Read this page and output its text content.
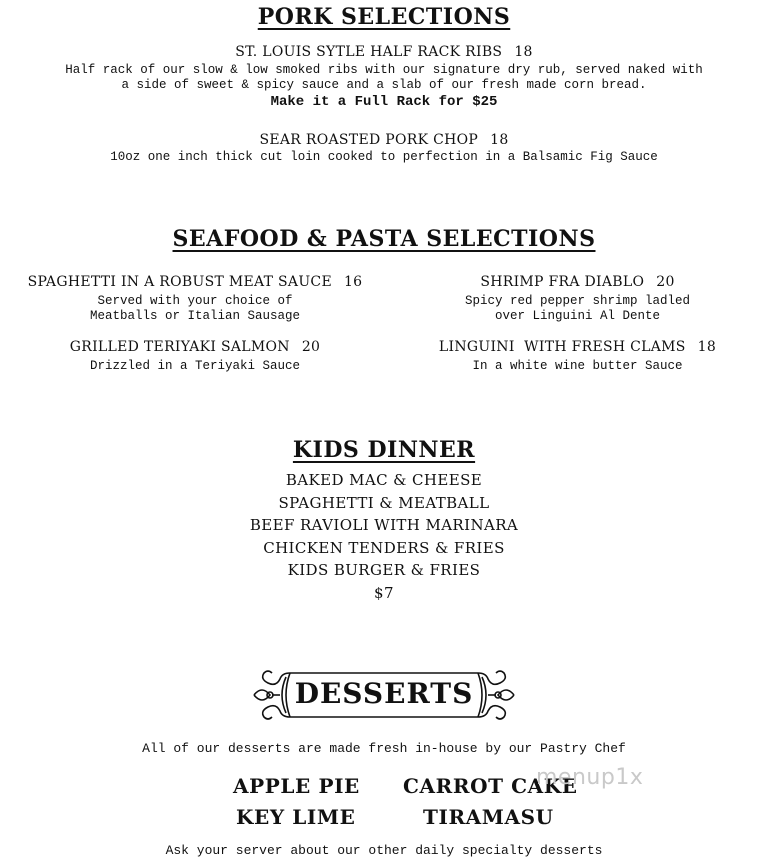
PORK SELECTIONS
ST. LOUIS SYTLE HALF RACK RIBS 18
Half rack of our slow & low smoked ribs with our signature dry rub, served naked with
a side of sweet & spicy sauce and a slab of our fresh made corn bread.
Make it a Full Rack for $25
SEAR ROASTED PORK CHOP 18
10oz one inch thick cut loin cooked to perfection in a Balsamic Fig Sauce
SEAFOOD & PASTA SELECTIONS
SPAGHETTI IN A ROBUST MEAT SAUCE 16
Served with your choice of
Meatballs or Italian Sausage
GRILLED TERIYAKI SALMON 20
Drizzled in a Teriyaki Sauce
SHRIMP FRA DIABLO 20
Spicy red pepper shrimp ladled
over Linguini Al Dente
LINGUINI  WITH FRESH CLAMS 18
In a white wine butter Sauce
KIDS DINNER
BAKED MAC & CHEESE
SPAGHETTI & MEATBALL
BEEF RAVIOLI WITH MARINARA
CHICKEN TENDERS & FRIES
KIDS BURGER & FRIES
$7
DESSERTS
All of our desserts are made fresh in-house by our Pastry Chef
APPLE PIE CARROT CAKE
KEY LIME	TIRAMASU
menup1x
Ask your server about our other daily specialty desserts
